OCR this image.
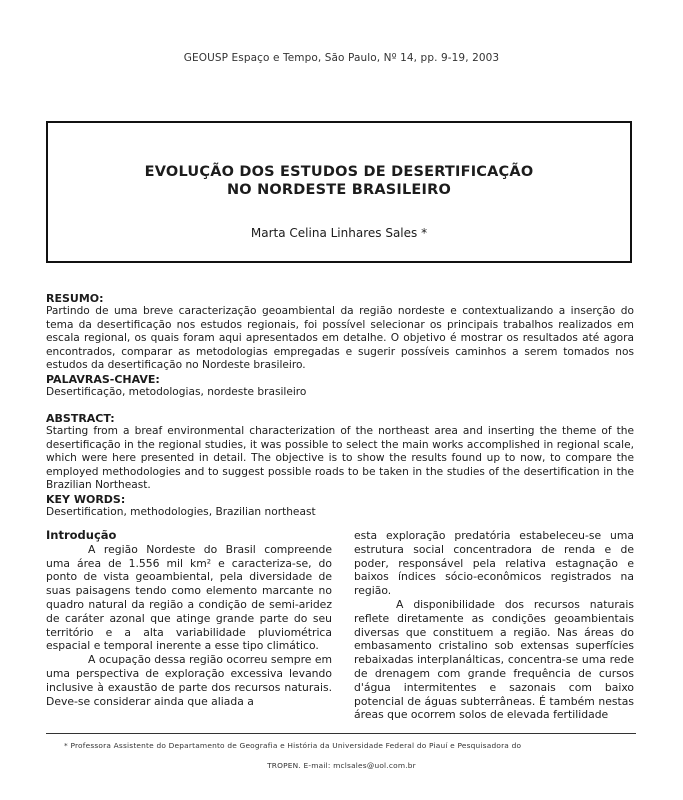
GEOUSP Espaço e Tempo, São Paulo, Nº 14, pp. 9-19, 2003
EVOLUÇÃO DOS ESTUDOS DE DESERTIFICAÇÃO
NO NORDESTE BRASILEIRO

Marta Celina Linhares Sales *

RESUMO:

Partindo de uma breve caracterização geoambiental da região nordeste e contextualizando a inserção do tema da desertificação nos estudos regionais, foi possível selecionar os principais trabalhos realizados em escala regional, os quais foram aqui apresentados em detalhe. O objetivo é mostrar os resultados até agora encontrados, comparar as metodologias empregadas e sugerir possíveis caminhos a serem tomados nos estudos da desertificação no Nordeste brasileiro.

PALAVRAS-CHAVE:

Desertificação, metodologias, nordeste brasileiro

ABSTRACT:

Starting from a breaf environmental characterization of the northeast area and inserting the theme of the desertificação in the regional studies, it was possible to select the main works accomplished in regional scale, which were here presented in detail. The objective is to show the results found up to now, to compare the employed methodologies and to suggest possible roads to be taken in the studies of the desertification in the Brazilian Northeast.

KEY WORDS:

Desertification, methodologies, Brazilian northeast

Introdução

A região Nordeste do Brasil compreende uma área de 1.556 mil km² e caracteriza-se, do ponto de vista geoambiental, pela diversidade de suas paisagens tendo como elemento marcante no quadro natural da região a condição de semi-aridez de caráter azonal que atinge grande parte do seu território e a alta variabilidade pluviométrica espacial e temporal inerente a esse tipo climático.

A ocupação dessa região ocorreu sempre em uma perspectiva de exploração excessiva levando inclusive à exaustão de parte dos recursos naturais. Deve-se considerar ainda que aliada a

esta exploração predatória estabeleceu-se uma estrutura social concentradora de renda e de poder, responsável pela relativa estagnação e baixos índices sócio-econômicos registrados na região.

A disponibilidade dos recursos naturais reflete diretamente as condições geoambientais diversas que constituem a região. Nas áreas do embasamento cristalino sob extensas superfícies rebaixadas interplanálticas, concentra-se uma rede de drenagem com grande frequência de cursos d'água intermitentes e sazonais com baixo potencial de águas subterrâneas. É também nestas áreas que ocorrem solos de elevada fertilidade

* Professora Assistente do Departamento de Geografia e História da Universidade Federal do Piauí e Pesquisadora do
TROPEN. E-mail: mclsales@uol.com.br
